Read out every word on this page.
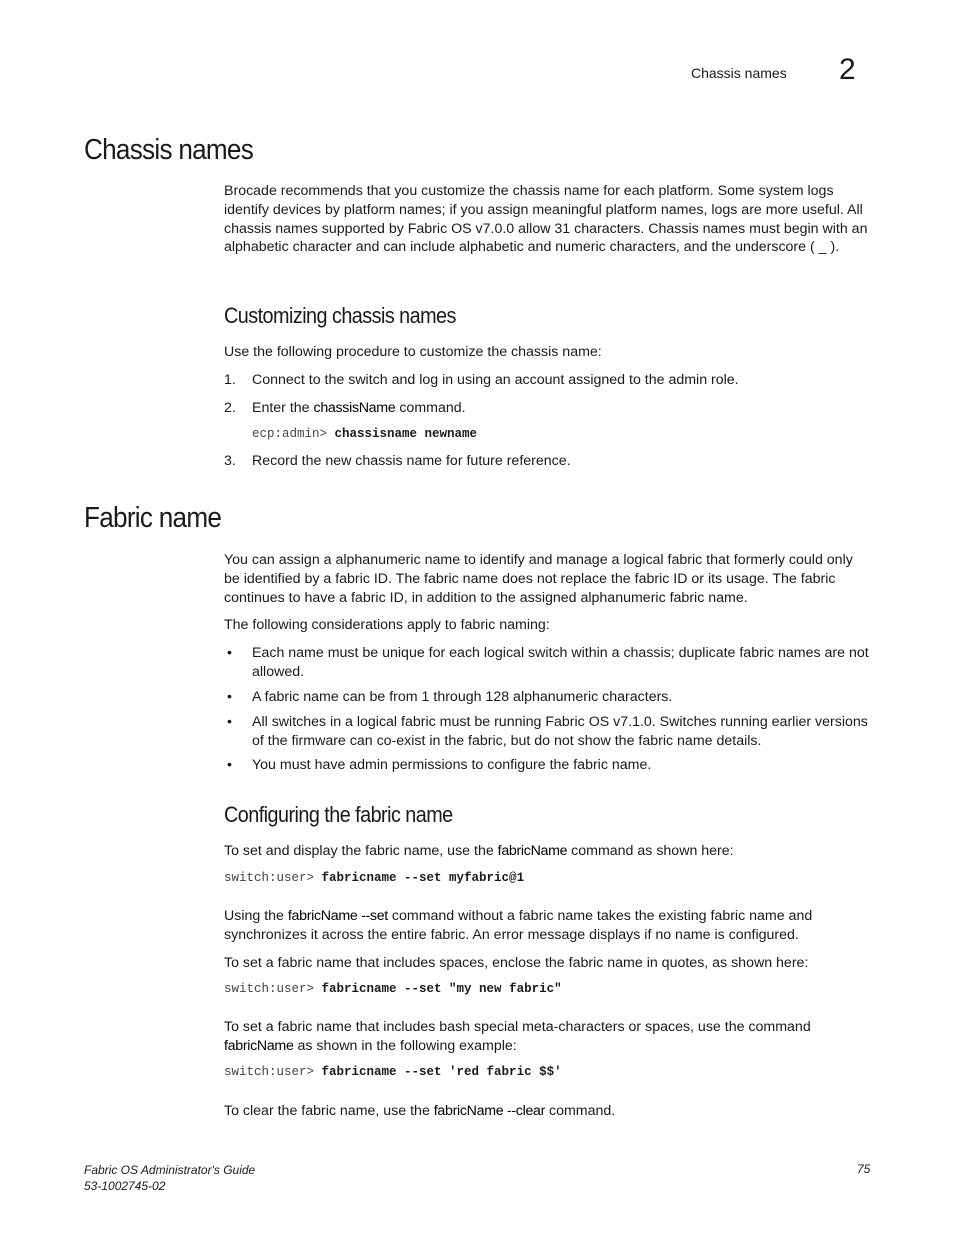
Chassis names 2
Chassis names

Brocade recommends that you customize the chassis name for each platform. Some system logs identify devices by platform names; if you assign meaningful platform names, logs are more useful. All chassis names supported by Fabric OS v7.0.0 allow 31 characters. Chassis names must begin with an alphabetic character and can include alphabetic and numeric characters, and the underscore ( _ ).

Customizing chassis names

Use the following procedure to customize the chassis name:

1. Connect to the switch and log in using an account assigned to the admin role.
2. Enter the chassisName command.
ecp:admin> chassisname newname
3. Record the new chassis name for future reference.
Fabric name

You can assign a alphanumeric name to identify and manage a logical fabric that formerly could only be identified by a fabric ID. The fabric name does not replace the fabric ID or its usage. The fabric continues to have a fabric ID, in addition to the assigned alphanumeric fabric name.

The following considerations apply to fabric naming:

• Each name must be unique for each logical switch within a chassis; duplicate fabric names are not allowed.
• A fabric name can be from 1 through 128 alphanumeric characters.
• All switches in a logical fabric must be running Fabric OS v7.1.0. Switches running earlier versions of the firmware can co-exist in the fabric, but do not show the fabric name details.
• You must have admin permissions to configure the fabric name.
Configuring the fabric name

To set and display the fabric name, use the fabricName command as shown here:

switch:user> fabricname --set myfabric@1

Using the fabricName --set command without a fabric name takes the existing fabric name and synchronizes it across the entire fabric. An error message displays if no name is configured.

To set a fabric name that includes spaces, enclose the fabric name in quotes, as shown here:

switch:user> fabricname --set "my new fabric"

To set a fabric name that includes bash special meta-characters or spaces, use the command fabricName as shown in the following example:

switch:user> fabricname --set 'red fabric $$'

To clear the fabric name, use the fabricName --clear command.

Fabric OS Administrator's Guide
53-1002745-02
75
